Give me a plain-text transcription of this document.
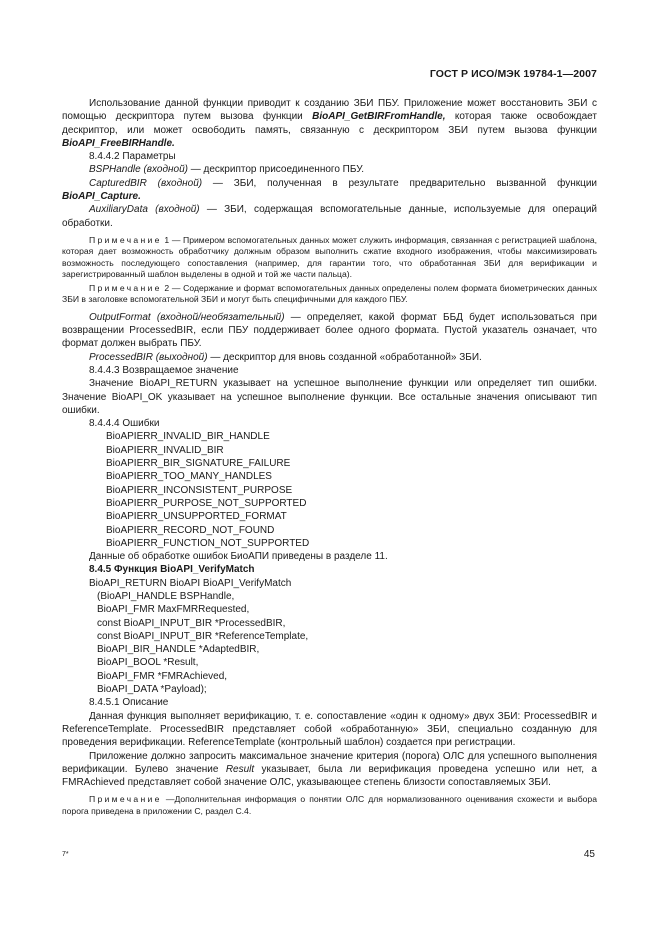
ГОСТ Р ИСО/МЭК 19784-1—2007

Использование данной функции приводит к созданию ЗБИ ПБУ. Приложение может восстановить ЗБИ с помощью дескриптора путем вызова функции BioAPI_GetBIRFromHandle, которая также освобождает дескриптор, или может освободить память, связанную с дескриптором ЗБИ путем вызова функции BioAPI_FreeBIRHandle.

8.4.4.2 Параметры

BSPHandle (входной) — дескриптор присоединенного ПБУ.

CapturedBIR (входной) — ЗБИ, полученная в результате предварительно вызванной функции BioAPI_Capture.

AuxiliaryData (входной) — ЗБИ, содержащая вспомогательные данные, используемые для операций обработки.

Примечание 1 — Примером вспомогательных данных может служить информация, связанная с регистрацией шаблона, которая дает возможность обработчику должным образом выполнить сжатие входного изображения, чтобы максимизировать возможность последующего сопоставления (например, для гарантии того, что обработанная ЗБИ для верификации и зарегистрированный шаблон выделены в одной и той же части пальца).

Примечание 2 — Содержание и формат вспомогательных данных определены полем формата биометрических данных ЗБИ в заголовке вспомогательной ЗБИ и могут быть специфичными для каждого ПБУ.

OutputFormat (входной/необязательный) — определяет, какой формат ББД будет использоваться при возвращении ProcessedBIR, если ПБУ поддерживает более одного формата. Пустой указатель означает, что формат должен выбрать ПБУ.

ProcessedBIR (выходной) — дескриптор для вновь созданной «обработанной» ЗБИ.

8.4.4.3 Возвращаемое значение

Значение BioAPI_RETURN указывает на успешное выполнение функции или определяет тип ошибки. Значение BioAPI_OK указывает на успешное выполнение функции. Все остальные значения описывают тип ошибки.

8.4.4.4 Ошибки

BioAPIERR_INVALID_BIR_HANDLE
BioAPIERR_INVALID_BIR
BioAPIERR_BIR_SIGNATURE_FAILURE
BioAPIERR_TOO_MANY_HANDLES
BioAPIERR_INCONSISTENT_PURPOSE
BioAPIERR_PURPOSE_NOT_SUPPORTED
BioAPIERR_UNSUPPORTED_FORMAT
BioAPIERR_RECORD_NOT_FOUND
BioAPIERR_FUNCTION_NOT_SUPPORTED

Данные об обработке ошибок БиоАПИ приведены в разделе 11.

8.4.5 Функция BioAPI_VerifyMatch

BioAPI_RETURN BioAPI BioAPI_VerifyMatch
(BioAPI_HANDLE BSPHandle,
BioAPI_FMR MaxFMRRequested,
const BioAPI_INPUT_BIR *ProcessedBIR,
const BioAPI_INPUT_BIR *ReferenceTemplate,
BioAPI_BIR_HANDLE *AdaptedBIR,
BioAPI_BOOL *Result,
BioAPI_FMR *FMRAchieved,
BioAPI_DATA *Payload);

8.4.5.1 Описание

Данная функция выполняет верификацию, т. е. сопоставление «один к одному» двух ЗБИ: ProcessedBIR и ReferenceTemplate. ProcessedBIR представляет собой «обработанную» ЗБИ, специально созданную для проведения верификации. ReferenceTemplate (контрольный шаблон) создается при регистрации.

Приложение должно запросить максимальное значение критерия (порога) ОЛС для успешного выполнения верификации. Булево значение Result указывает, была ли верификация проведена успешно или нет, а FMRAchieved представляет собой значение ОЛС, указывающее степень близости сопоставляемых ЗБИ.

Примечание —Дополнительная информация о понятии ОЛС для нормализованного оценивания схожести и выбора порога приведена в приложении С, раздел С.4.

7*	45
